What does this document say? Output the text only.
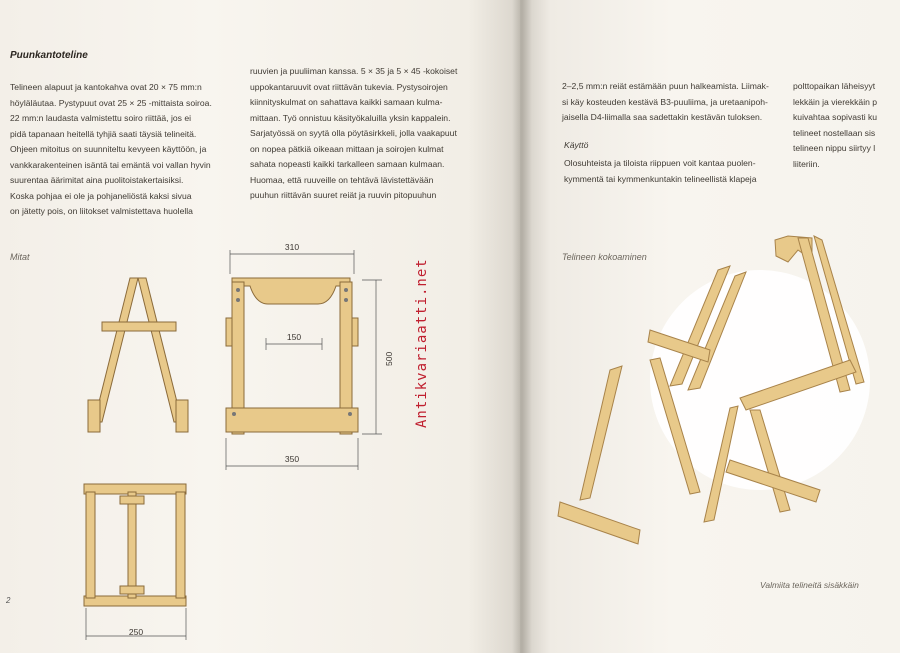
Puunkantoteline
Telineen alapuut ja kantokahva ovat 20 × 75 mm:n
höyläläutaa. Pystypuut ovat 25 × 25 -mittaista soiroa.
22 mm:n laudasta valmistettu soiro riittää, jos ei
pidä tapanaan heitellä tyhjiä saati täysiä telineitä.
Ohjeen mitoitus on suunniteltu kevyeen käyttöön, ja
vankkarakenteinen isäntä tai emäntä voi vallan hyvin
suurentaa äärimitat aina puolitoistakertaisiksi.
Koska pohjaa ei ole ja pohjaneliöstä kaksi sivua
on jätetty pois, on liitokset valmistettava huolella
ruuvien ja puuliiman kanssa. 5 × 35 ja 5 × 45 -kokoiset
uppokantaruuvit ovat riittävän tukevia. Pystysoirojen
kiinnityskulmat on sahattava kaikki samaan kulma-
mittaan. Työ onnistuu käsityökaluilla yksin kappalein.
Sarjatyössä on syytä olla pöytäsirkkeli, jolla vaakapuut
on nopea pätkiä oikeaan mittaan ja soirojen kulmat
sahata nopeasti kaikki tarkalleen samaan kulmaan.
Huomaa, että ruuveille on tehtävä lävistettävään
puuhun riittävän suuret reiät ja ruuvin pitopuuhun
Mitat
310
150
500
350
250
Antikvariaatti.net
2
2–2,5 mm:n reiät estämään puun halkeamista. Liimak-
si käy kosteuden kestävä B3-puuliima, ja uretaanipoh-
jaisella D4-liimalla saa sadettakin kestävän tuloksen.
Käyttö
Olosuhteista ja tiloista riippuen voit kantaa puolen-
kymmentä tai kymmenkuntakin telineellistä klapeja
polttopaikan läheisyyt
lekkäin ja vierekkäin p
kuivahtaa sopivasti ku
telineet nostellaan sis
telineen nippu siirtyy l
liiteriin.
Telineen kokoaminen
Valmiita telineitä sisäkkäin
